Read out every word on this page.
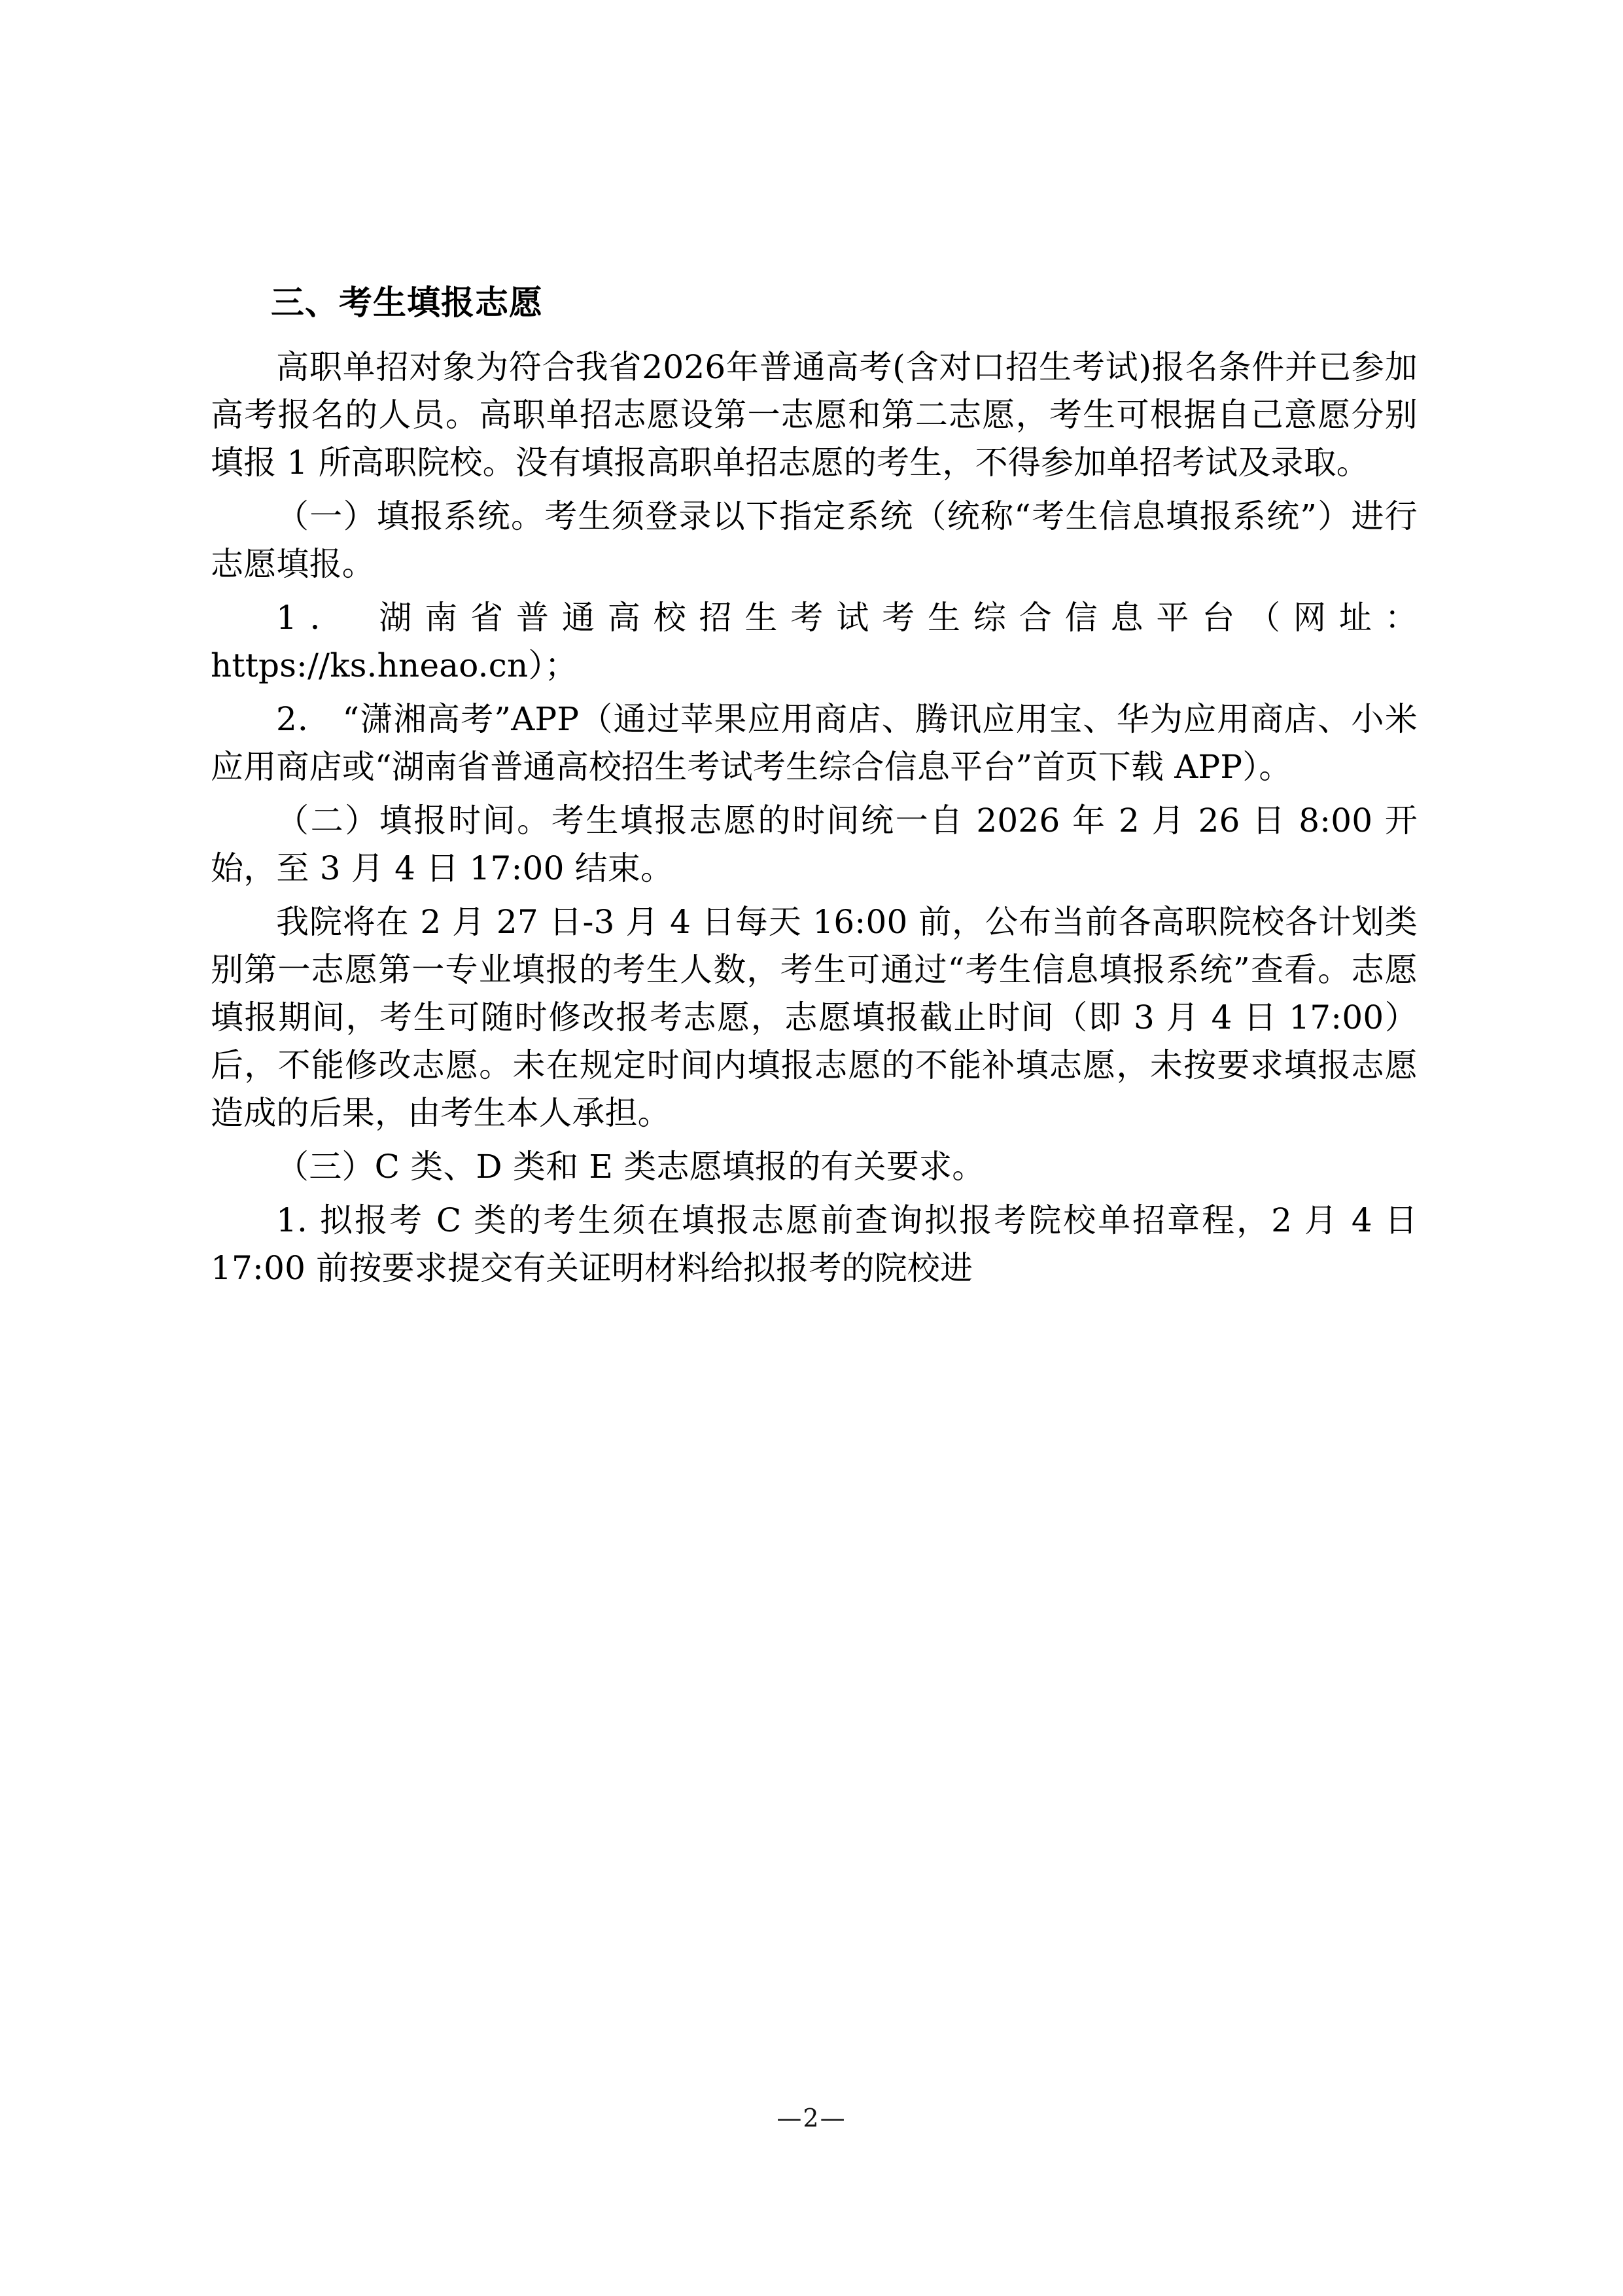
三、考生填报志愿

高职单招对象为符合我省2026年普通高考(含对口招生考试)报名条件并已参加高考报名的人员。高职单招志愿设第一志愿和第二志愿，考生可根据自己意愿分别填报 1 所高职院校。没有填报高职单招志愿的考生，不得参加单招考试及录取。

（一）填报系统。考生须登录以下指定系统（统称“考生信息填报系统”）进行志愿填报。

1． 湖南省普通高校招生考试考生综合信息平台（网址：https://ks.hneao.cn）；

2． “潇湘高考”APP（通过苹果应用商店、腾讯应用宝、华为应用商店、小米应用商店或“湖南省普通高校招生考试考生综合信息平台”首页下载 APP）。

（二）填报时间。考生填报志愿的时间统一自 2026 年 2 月 26 日 8:00 开始，至 3 月 4 日 17:00 结束。

我院将在 2 月 27 日-3 月 4 日每天 16:00 前，公布当前各高职院校各计划类别第一志愿第一专业填报的考生人数，考生可通过“考生信息填报系统”查看。志愿填报期间，考生可随时修改报考志愿，志愿填报截止时间（即 3 月 4 日 17:00）后，不能修改志愿。未在规定时间内填报志愿的不能补填志愿，未按要求填报志愿造成的后果，由考生本人承担。

（三）C 类、D 类和 E 类志愿填报的有关要求。

1. 拟报考 C 类的考生须在填报志愿前查询拟报考院校单招章程，2 月 4 日 17:00 前按要求提交有关证明材料给拟报考的院校进

—2—
